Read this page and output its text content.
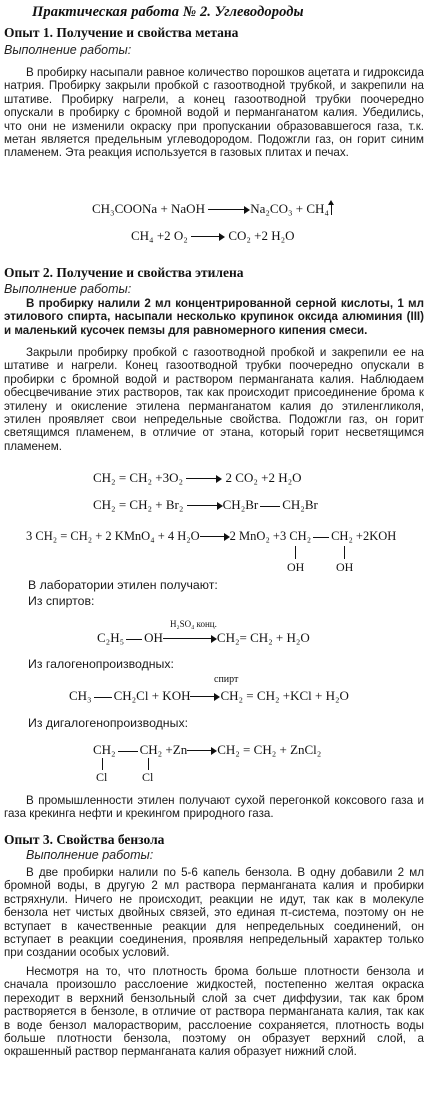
Практическая работа № 2. Углеводороды
Опыт 1. Получение и свойства метана
Выполнение работы:
В пробирку насыпали равное количество порошков ацетата и гидроксида натрия. Пробирку закрыли пробкой с газоотводной трубкой, и закрепили на штативе. Пробирку нагрели, а конец газоотводной трубки поочередно опускали в пробирку с бромной водой и перманганатом калия. Убедились, что они не изменили окраску при пропускании образовавшегося газа, т.к. метан является предельным углеводородом. Подожгли газ, он горит синим пламенем. Эта реакция используется в газовых плитах и печах.
CH₃COONa + NaOH	Na₂CO₃ + CH₄
CH₄ +2 O₂	CO₂ +2 H₂O
Опыт 2. Получение и свойства этилена
Выполнение работы:
В пробирку налили 2 мл концентрированной серной кислоты, 1 мл этилового спирта, насыпали несколько крупинок оксида алюминия (III) и маленький кусочек пемзы для равномерного кипения смеси.
Закрыли пробирку пробкой с газоотводной пробкой и закрепили ее на штативе и нагрели. Конец газоотводной трубки поочередно опускали в пробирки с бромной водой и раствором перманганата калия. Наблюдаем обесцвечивание этих растворов, так как происходит присоединение брома к этилену и окисление этилена перманганатом калия до этиленгликоля, этилен проявляет свои непредельные свойства. Подожгли газ, он горит светящимся пламенем, в отличие от этана, который горит несветящимся пламенем.
CH₂ = CH₂ +3O₂	2 CO₂ +2 H₂O
CH₂ = CH₂ + Br₂	CH₂Br CH₂Br
3 CH₂ = CH₂ + 2 KMnO₄ + 4 H₂O 2 MnO₂ +3 CH₂ CH₂ +2KOH
OH	OH
В лаборатории этилен получают:
Из спиртов:
H₂SO₄ конц.
C₂H₅ OH	CH₂= CH₂ + H₂O
Из галогенопроизводных:
спирт
CH₃ CH₂Cl + KOH CH₂ = CH₂ +KCl + H₂O
Из дигалогенопроизводных:
CH₂ CH₂ +Zn CH₂ = CH₂ + ZnCl₂
Cl	Cl
В промышленности этилен получают сухой перегонкой коксового газа и газа крекинга нефти и крекингом природного газа.
Опыт 3. Свойства бензола
Выполнение работы:
В две пробирки налили по 5-6 капель бензола. В одну добавили 2 мл бромной воды, в другую 2 мл раствора перманганата калия и пробирки встряхнули. Ничего не происходит, реакции не идут, так как в молекуле бензола нет чистых двойных связей, это единая π-система, поэтому он не вступает в качественные реакции для непредельных соединений, он вступает в реакции соединения, проявляя непредельный характер только при создании особых условий.
Несмотря на то, что плотность брома больше плотности бензола и сначала произошло расслоение жидкостей, постепенно желтая окраска переходит в верхний бензольный слой за счет диффузии, так как бром растворяется в бензоле, в отличие от раствора перманганата калия, так как в воде бензол малорастворим, расслоение сохраняется, плотность воды больше плотности бензола, поэтому он образует верхний слой, а окрашенный раствор перманганата калия образует нижний слой.
